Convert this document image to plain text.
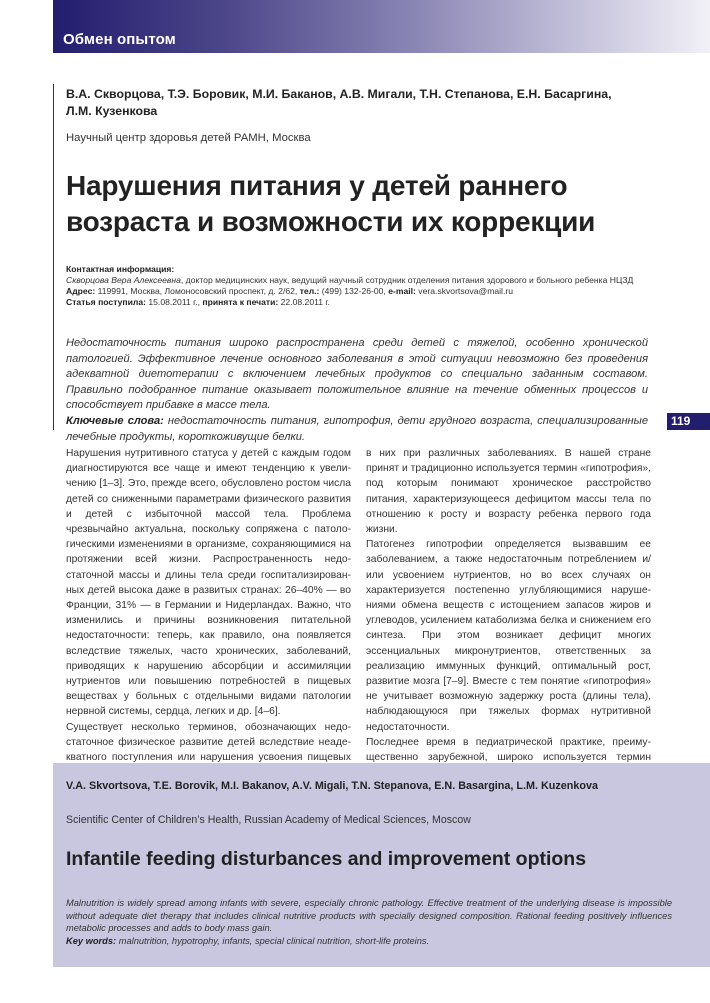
Обмен опытом
В.А. Скворцова, Т.Э. Боровик, М.И. Баканов, А.В. Мигали, Т.Н. Степанова, Е.Н. Басаргина, Л.М. Кузенкова
Научный центр здоровья детей РАМН, Москва
Нарушения питания у детей раннего возраста и возможности их коррекции
Контактная информация:
Скворцова Вера Алексеевна, доктор медицинских наук, ведущий научный сотрудник отделения питания здорового и больного ребенка НЦЗД
Адрес: 119991, Москва, Ломоносовский проспект, д. 2/62, тел.: (499) 132-26-00, e-mail: vera.skvortsova@mail.ru
Статья поступила: 15.08.2011 г., принята к печати: 22.08.2011 г.
Недостаточность питания широко распространена среди детей с тяжелой, особенно хронической патологией. Эффективное лечение основного заболевания в этой ситуации невозможно без проведения адекватной диетотерапии с включением лечебных продуктов со специально заданным составом. Правильно подобранное питание оказывает положительное влияние на течение обменных процессов и способствует прибавке в массе тела.
Ключевые слова: недостаточность питания, гипотрофия, дети грудного возраста, специализированные лечебные продукты, короткоживущие белки.
119

Нарушения нутритивного статуса у детей с каждым годом диагностируются все чаще и имеют тенденцию к увеличению [1–3]. Это, прежде всего, обусловлено ростом числа детей со сниженными параметрами физического развития и детей с избыточной массой тела. Проблема чрезвычайно актуальна, поскольку сопряжена с патологическими изменениями в организме, сохраняющимися на протяжении всей жизни. Распространенность недостаточной массы и длины тела среди госпитализированных детей высока даже в развитых странах: 26–40% — во Франции, 31% — в Германии и Нидерландах. Важно, что изменились и причины возникновения питательной недостаточности: теперь, как правило, она появляется вследствие тяжелых, часто хронических, заболеваний, приводящих к нарушению абсорбции и ассимиляции нутриентов или повышению потребностей в пищевых веществах у больных с отдельными видами патологии нервной системы, сердца, легких и др. [4–6].

Существует несколько терминов, обозначающих недостаточное физическое развитие детей вследствие неадекватного поступления или нарушения усвоения пищевых

в них при различных заболеваниях. В нашей стране принят и традиционно используется термин «гипотрофия», под которым понимают хроническое расстройство питания, характеризующееся дефицитом массы тела по отношению к росту и возрасту ребенка первого года жизни.

Патогенез гипотрофии определяется вызвавшим ее заболеванием, а также недостаточным потреблением и/или усвоением нутриентов, но во всех случаях он характеризуется постепенно углубляющимися нарушениями обмена веществ с истощением запасов жиров и углеводов, усилением катаболизма белка и снижением его синтеза. При этом возникает дефицит многих эссенциальных микронутриентов, ответственных за реализацию иммунных функций, оптимальный рост, развитие мозга [7–9]. Вместе с тем понятие «гипотрофия» не учитывает возможную задержку роста (длины тела), наблюдающуюся при тяжелых формах нутритивной недостаточности.

Последнее время в педиатрической практике, преимущественно зарубежной, широко используется термин

V.A. Skvortsova, T.E. Borovik, M.I. Bakanov, A.V. Migali, T.N. Stepanova, E.N. Basargina, L.M. Kuzenkova
Scientific Center of Children’s Health, Russian Academy of Medical Sciences, Moscow
Infantile feeding disturbances and improvement options
Malnutrition is widely spread among infants with severe, especially chronic pathology. Effective treatment of the underlying disease is impossible without adequate diet therapy that includes clinical nutritive products with specially designed composition. Rational feeding positively influences metabolic processes and adds to body mass gain.
Key words: malnutrition, hypotrophy, infants, special clinical nutrition, short-life proteins.
